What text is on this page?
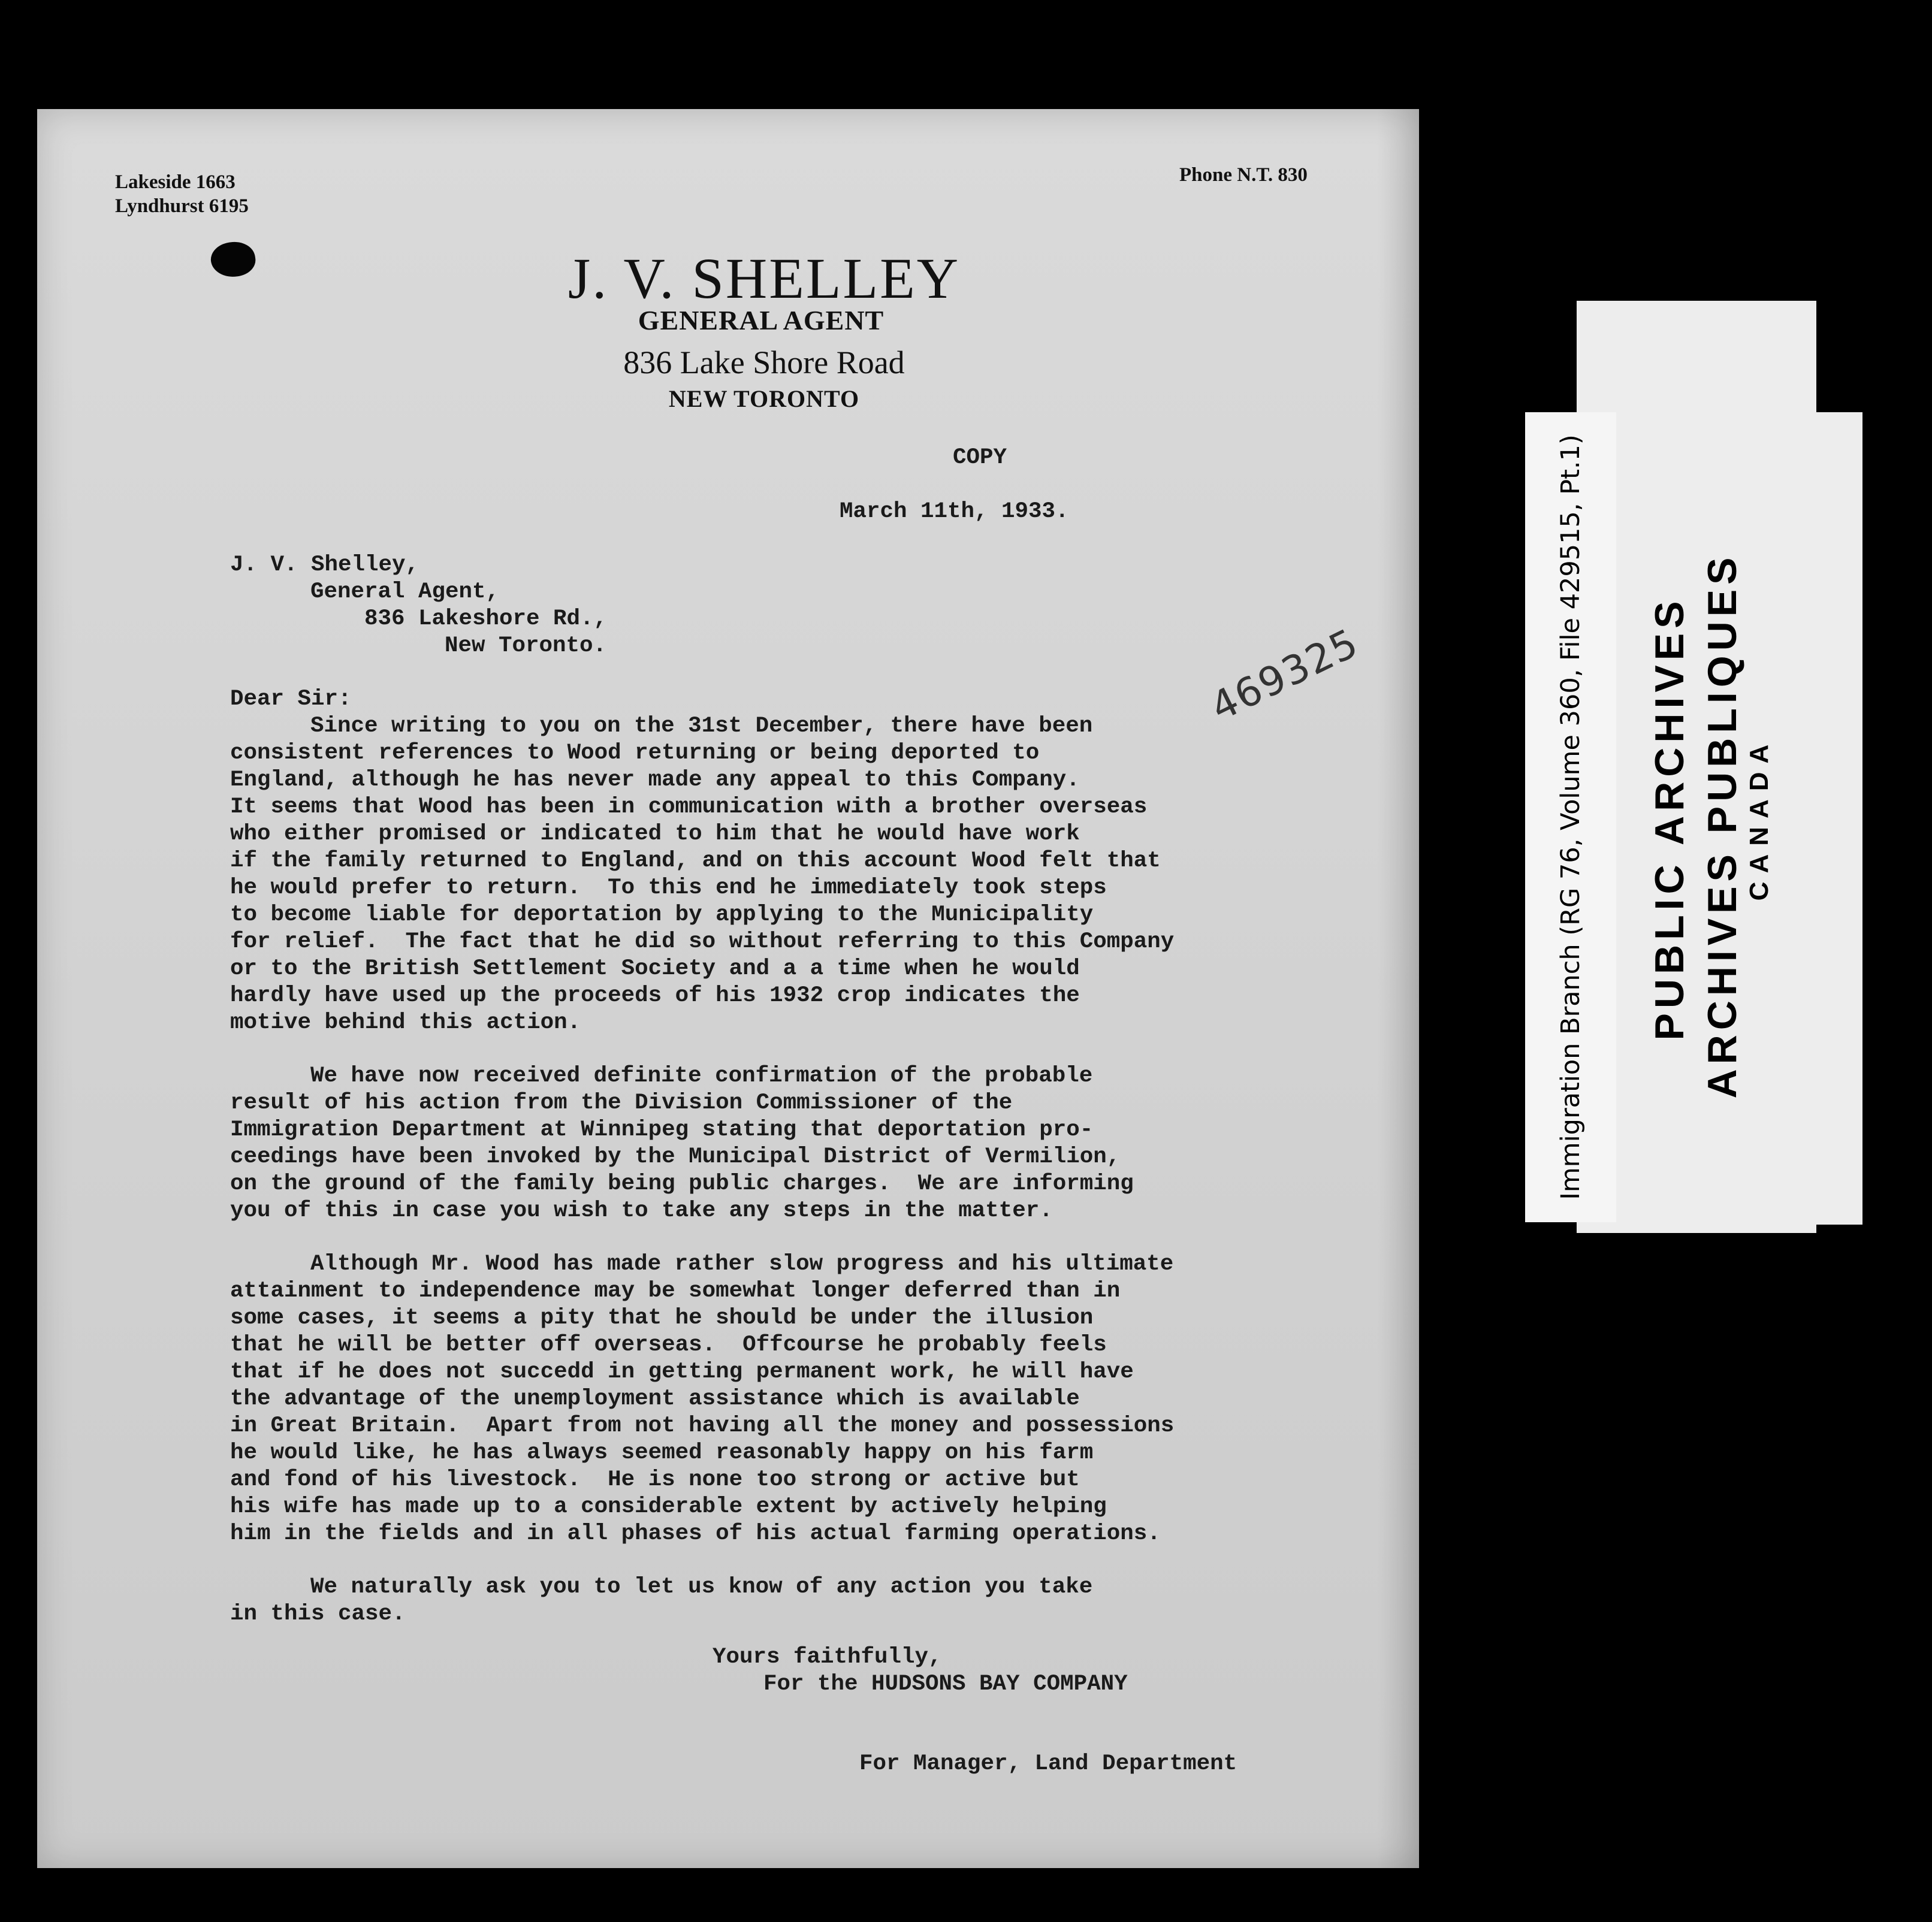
Lakeside 1663
Lyndhurst 6195
Phone N.T. 830
J. V. SHELLEY
GENERAL AGENT
836 Lake Shore Road
NEW TORONTO
COPY
March 11th, 1933.
J. V. Shelley,
General Agent,
836 Lakeshore Rd.,
New Toronto.
Dear Sir:
Since writing to you on the 31st December, there have been
consistent references to Wood returning or being deported to
England, although he has never made any appeal to this Company.
It seems that Wood has been in communication with a brother overseas
who either promised or indicated to him that he would have work
if the family returned to England, and on this account Wood felt that
he would prefer to return.  To this end he immediately took steps
to become liable for deportation by applying to the Municipality
for relief.  The fact that he did so without referring to this Company
or to the British Settlement Society and a a time when he would
hardly have used up the proceeds of his 1932 crop indicates the
motive behind this action.
We have now received definite confirmation of the probable
result of his action from the Division Commissioner of the
Immigration Department at Winnipeg stating that deportation pro-
ceedings have been invoked by the Municipal District of Vermilion,
on the ground of the family being public charges.  We are informing
you of this in case you wish to take any steps in the matter.
Although Mr. Wood has made rather slow progress and his ultimate
attainment to independence may be somewhat longer deferred than in
some cases, it seems a pity that he should be under the illusion
that he will be better off overseas.  Offcourse he probably feels
that if he does not succedd in getting permanent work, he will have
the advantage of the unemployment assistance which is available
in Great Britain.  Apart from not having all the money and possessions
he would like, he has always seemed reasonably happy on his farm
and fond of his livestock.  He is none too strong or active but
his wife has made up to a considerable extent by actively helping
him in the fields and in all phases of his actual farming operations.
We naturally ask you to let us know of any action you take
in this case.
Yours faithfully,
For the HUDSONS BAY COMPANY
For Manager, Land Department
469325	Immigration Branch (RG 76, Volume 360, File 429515, Pt.1) PUBLIC ARCHIVES ARCHIVES PUBLIQUES CANADA
